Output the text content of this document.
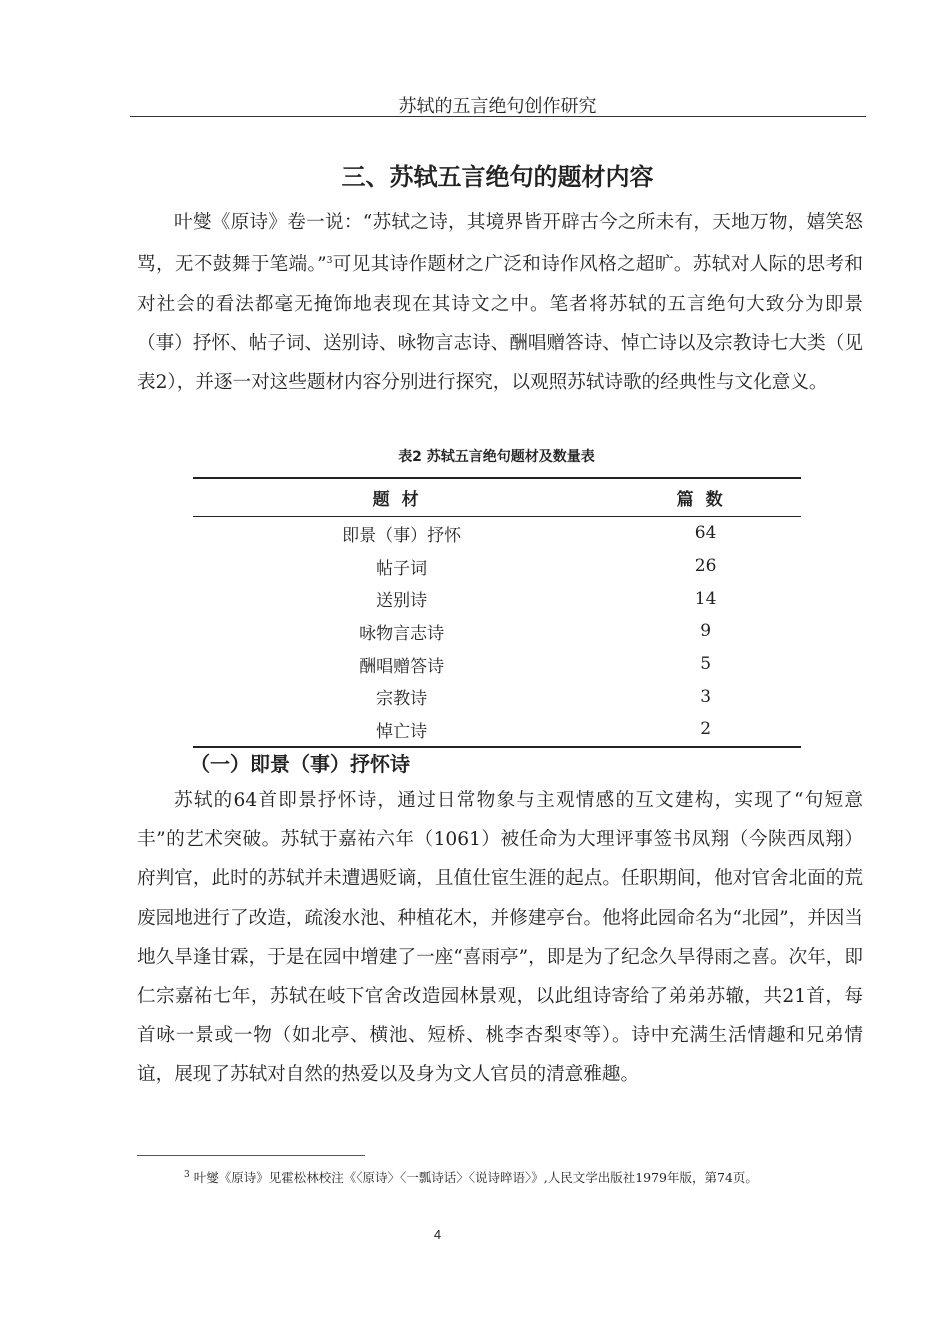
苏轼的五言绝句创作研究
三、苏轼五言绝句的题材内容
叶燮《原诗》卷一说：“苏轼之诗，其境界皆开辟古今之所未有，天地万物，嬉笑怒骂，无不鼓舞于笔端。”$^3$可见其诗作题材之广泛和诗作风格之超旷。苏轼对人际的思考和对社会的看法都毫无掩饰地表现在其诗文之中。笔者将苏轼的五言绝句大致分为即景（事）抒怀、帖子词、送别诗、咏物言志诗、酬唱赠答诗、悼亡诗以及宗教诗七大类（见表2），并逐一对这些题材内容分别进行探究，以观照苏轼诗歌的经典性与文化意义。
表2 苏轼五言绝句题材及数量表
题材	篇数
即景（事）抒怀	64
帖子词	26
送别诗	14
咏物言志诗	9
酬唱赠答诗	5
宗教诗	3
悼亡诗	2
（一）即景（事）抒怀诗
苏轼的64首即景抒怀诗，通过日常物象与主观情感的互文建构，实现了“句短意丰”的艺术突破。苏轼于嘉祐六年（1061）被任命为大理评事签书凤翔（今陕西凤翔）府判官，此时的苏轼并未遭遇贬谪，且值仕宦生涯的起点。任职期间，他对官舍北面的荒废园地进行了改造，疏浚水池、种植花木，并修建亭台。他将此园命名为“北园”，并因当地久旱逢甘霖，于是在园中增建了一座“喜雨亭”，即是为了纪念久旱得雨之喜。次年，即仁宗嘉祐七年，苏轼在岐下官舍改造园林景观，以此组诗寄给了弟弟苏辙，共21首，每首咏一景或一物（如北亭、横池、短桥、桃李杏梨枣等）。诗中充满生活情趣和兄弟情谊，展现了苏轼对自然的热爱以及身为文人官员的清意雅趣。
$^3$ 叶燮《原诗》见霍松林校注《〈原诗〉〈一瓢诗话〉〈说诗晬语〉》,人民文学出版社1979年版，第74页。
4
